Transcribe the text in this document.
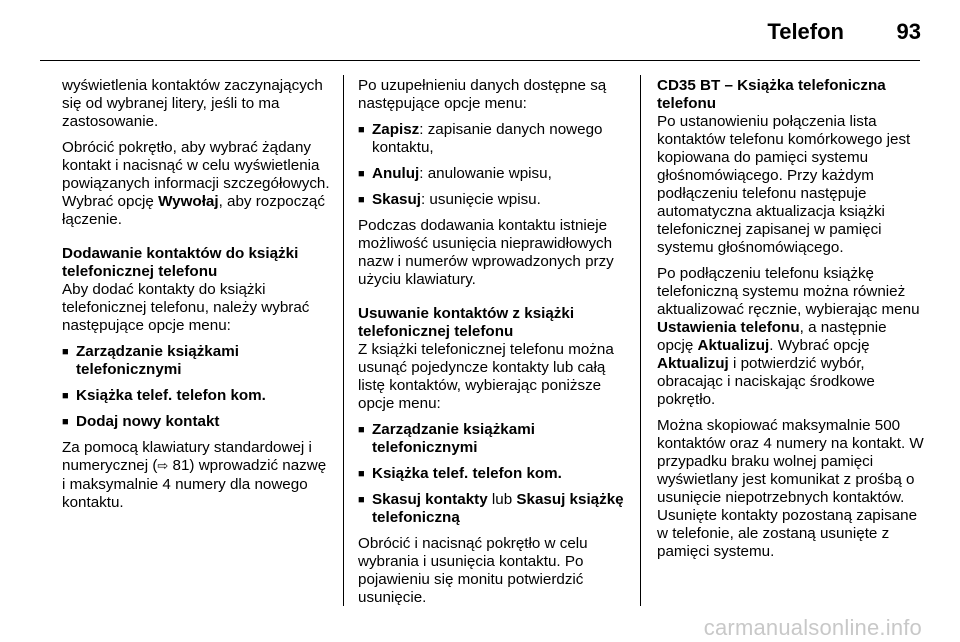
Telefon 93

wyświetlenia kontaktów zaczynających się od wybranej litery, jeśli to ma zastosowanie.

Obrócić pokrętło, aby wybrać żądany kontakt i nacisnąć w celu wyświetlenia powiązanych informacji szczegółowych. Wybrać opcję Wywołaj, aby rozpocząć łączenie.

Dodawanie kontaktów do książki telefonicznej telefonu

Aby dodać kontakty do książki telefonicznej telefonu, należy wybrać następujące opcje menu:

■ Zarządzanie książkami telefonicznymi
■ Książka telef. telefon kom.
■ Dodaj nowy kontakt

Za pomocą klawiatury standardowej i numerycznej (⇨ 81) wprowadzić nazwę i maksymalnie 4 numery dla nowego kontaktu.

Po uzupełnieniu danych dostępne są następujące opcje menu:

■ Zapisz: zapisanie danych nowego kontaktu,
■ Anuluj: anulowanie wpisu,
■ Skasuj: usunięcie wpisu.

Podczas dodawania kontaktu istnieje możliwość usunięcia nieprawidłowych nazw i numerów wprowadzonych przy użyciu klawiatury.

Usuwanie kontaktów z książki telefonicznej telefonu

Z książki telefonicznej telefonu można usunąć pojedyncze kontakty lub całą listę kontaktów, wybierając poniższe opcje menu:

■ Zarządzanie książkami telefonicznymi
■ Książka telef. telefon kom.
■ Skasuj kontakty lub Skasuj książkę telefoniczną

Obrócić i nacisnąć pokrętło w celu wybrania i usunięcia kontaktu. Po pojawieniu się monitu potwierdzić usunięcie.

CD35 BT – Książka telefoniczna telefonu

Po ustanowieniu połączenia lista kontaktów telefonu komórkowego jest kopiowana do pamięci systemu głośnomówiącego. Przy każdym podłączeniu telefonu następuje automatyczna aktualizacja książki telefonicznej zapisanej w pamięci systemu głośnomówiącego.

Po podłączeniu telefonu książkę telefoniczną systemu można również aktualizować ręcznie, wybierając menu Ustawienia telefonu, a następnie opcję Aktualizuj. Wybrać opcję Aktualizuj i potwierdzić wybór, obracając i naciskając środkowe pokrętło.

Można skopiować maksymalnie 500 kontaktów oraz 4 numery na kontakt. W przypadku braku wolnej pamięci wyświetlany jest komunikat z prośbą o usunięcie niepotrzebnych kontaktów. Usunięte kontakty pozostaną zapisane w telefonie, ale zostaną usunięte z pamięci systemu.

carmanualsonline.info
